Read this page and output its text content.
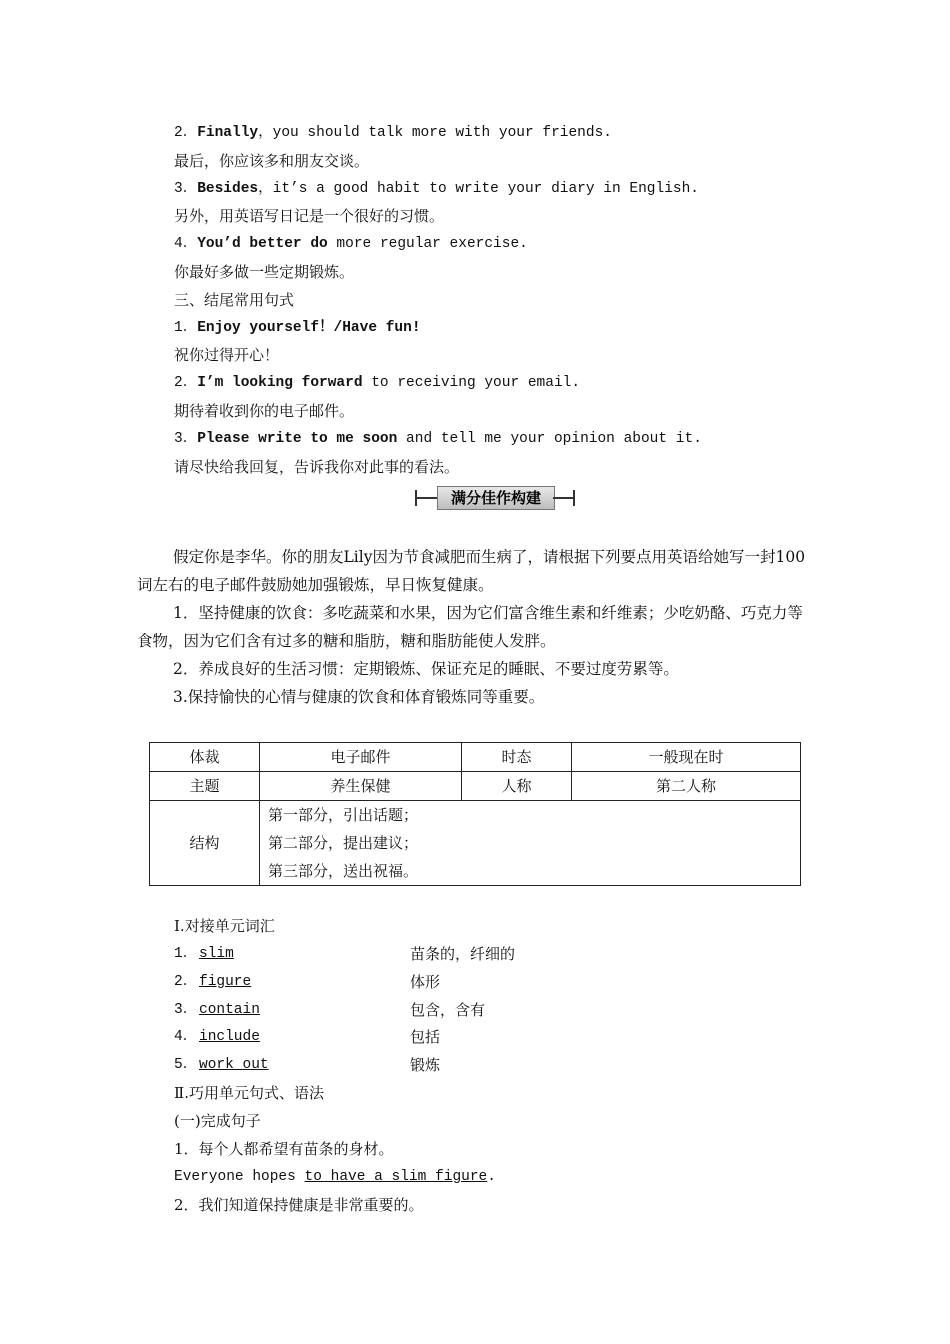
2．Finally，you should talk more with your friends.
最后，你应该多和朋友交谈。
3．Besides，it’s a good habit to write your diary in English.
另外，用英语写日记是一个很好的习惯。
4．You’d better do more regular exercise.
你最好多做一些定期锻炼。
三、结尾常用句式
1．Enjoy yourself！/Have fun!
祝你过得开心！
2．I’m looking forward to receiving your email.
期待着收到你的电子邮件。
3．Please write to me soon and tell me your opinion about it.
请尽快给我回复，告诉我你对此事的看法。
满分佳作构建
假定你是李华。你的朋友Lily因为节食减肥而生病了，请根据下列要点用英语给她写一封100词左右的电子邮件鼓励她加强锻炼，早日恢复健康。
1．坚持健康的饮食：多吃蔬菜和水果，因为它们富含维生素和纤维素；少吃奶酪、巧克力等食物，因为它们含有过多的糖和脂肪，糖和脂肪能使人发胖。
2．养成良好的生活习惯：定期锻炼、保证充足的睡眠、不要过度劳累等。
3.保持愉快的心情与健康的饮食和体育锻炼同等重要。
体裁	电子邮件	时态	一般现在时
主题	养生保健	人称	第二人称
结构	第一部分，引出话题；
第二部分，提出建议；
第三部分，送出祝福。		
Ⅰ.对接单元词汇
1． slim	苗条的，纤细的
2． figure	体形
3． contain	包含，含有
4． include	包括
5． work out	锻炼
Ⅱ.巧用单元句式、语法
(一)完成句子
1．每个人都希望有苗条的身材。
Everyone hopes to have a slim figure.
2．我们知道保持健康是非常重要的。
